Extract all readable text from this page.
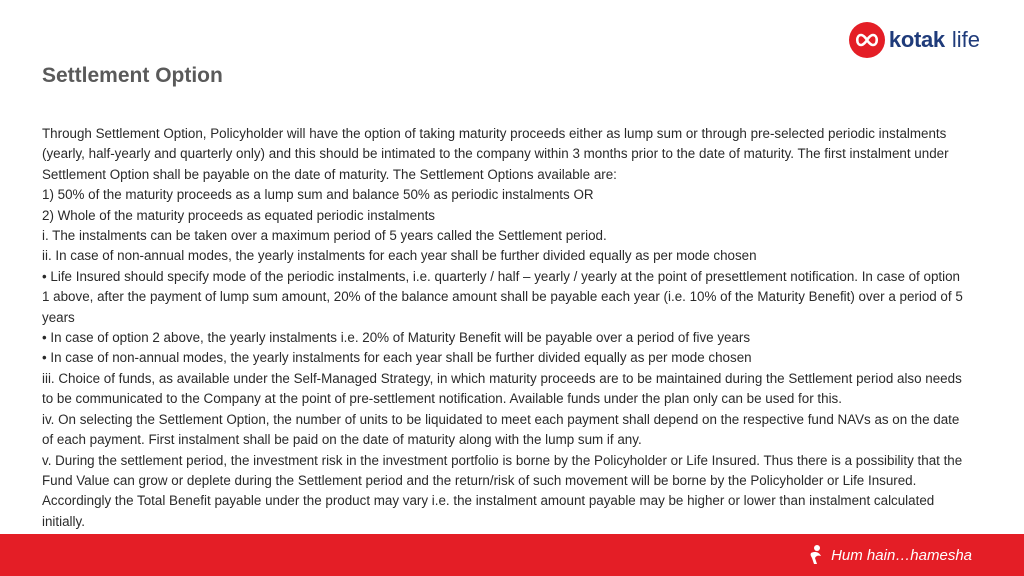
kotak life
Settlement Option
Through Settlement Option, Policyholder will have the option of taking maturity proceeds either as lump sum or through pre-selected periodic instalments (yearly, half-yearly and quarterly only) and this should be intimated to the company within 3 months prior to the date of maturity. The first instalment under Settlement Option shall be payable on the date of maturity. The Settlement Options available are:
1) 50% of the maturity proceeds as a lump sum and balance 50% as periodic instalments OR
2) Whole of the maturity proceeds as equated periodic instalments
i. The instalments can be taken over a maximum period of 5 years called the Settlement period.
ii. In case of non-annual modes, the yearly instalments for each year shall be further divided equally as per mode chosen
• Life Insured should specify mode of the periodic instalments, i.e. quarterly / half – yearly / yearly at the point of presettlement notification. In case of option 1 above, after the payment of lump sum amount, 20% of the balance amount shall be payable each year (i.e. 10% of the Maturity Benefit) over a period of 5 years
• In case of option 2 above, the yearly instalments i.e. 20% of Maturity Benefit will be payable over a period of five years
• In case of non-annual modes, the yearly instalments for each year shall be further divided equally as per mode chosen
iii. Choice of funds, as available under the Self-Managed Strategy, in which maturity proceeds are to be maintained during the Settlement period also needs to be communicated to the Company at the point of pre-settlement notification. Available funds under the plan only can be used for this.
iv. On selecting the Settlement Option, the number of units to be liquidated to meet each payment shall depend on the respective fund NAVs as on the date of each payment. First instalment shall be paid on the date of maturity along with the lump sum if any.
v. During the settlement period, the investment risk in the investment portfolio is borne by the Policyholder or Life Insured. Thus there is a possibility that the Fund Value can grow or deplete during the Settlement period and the return/risk of such movement will be borne by the Policyholder or Life Insured. Accordingly the Total Benefit payable under the product may vary i.e. the instalment amount payable may be higher or lower than instalment calculated initially.
Hum hain…hamesha
